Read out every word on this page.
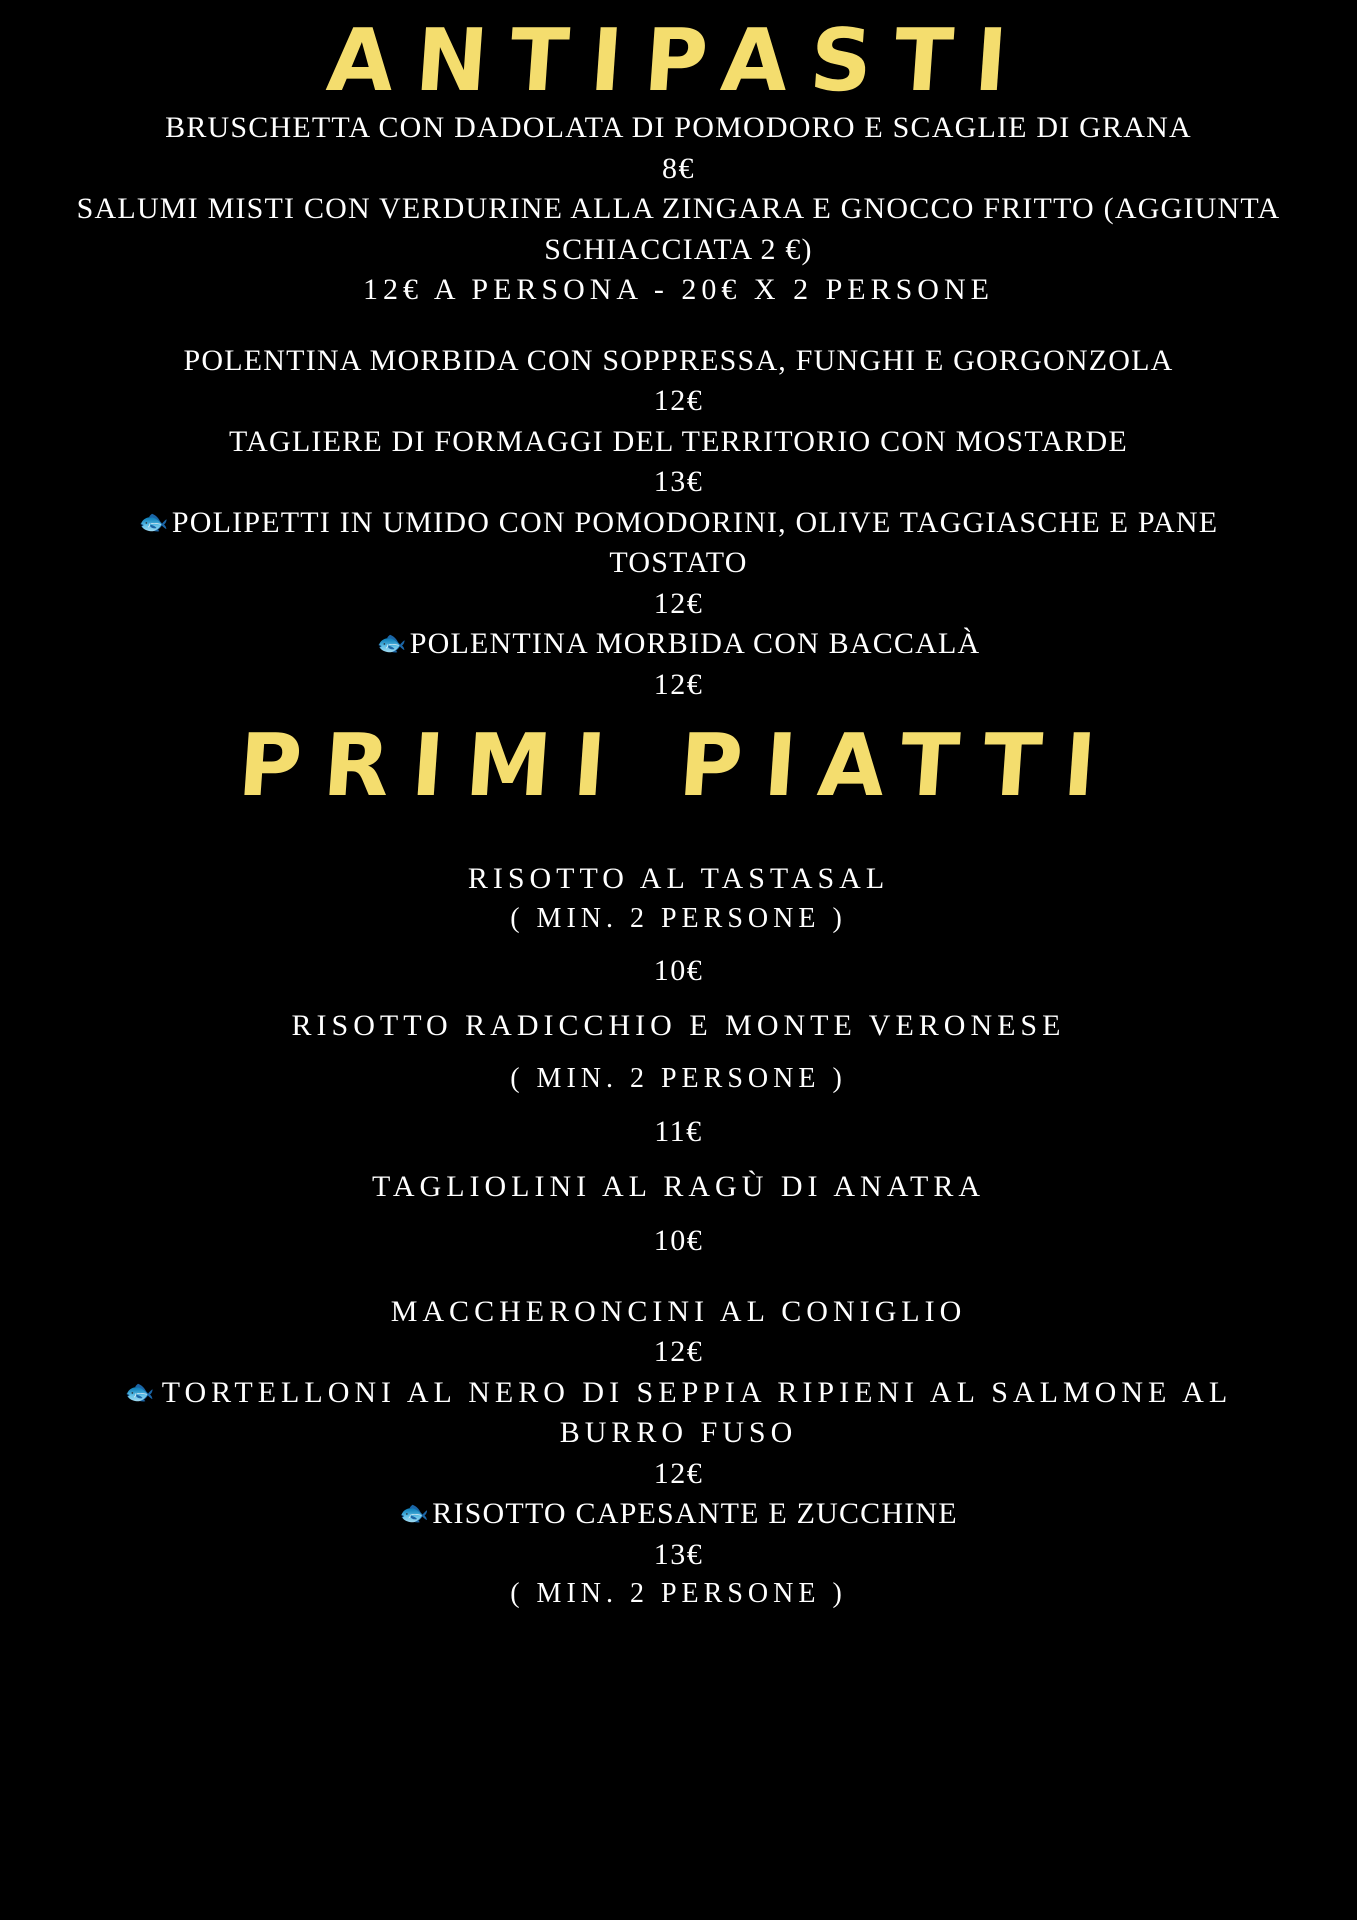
ANTIPASTI

BRUSCHETTA CON DADOLATA DI POMODORO E SCAGLIE DI GRANA

8€

SALUMI MISTI CON VERDURINE ALLA ZINGARA E GNOCCO FRITTO (AGGIUNTA SCHIACCIATA 2 €)

12€ A PERSONA - 20€ X 2 PERSONE

POLENTINA MORBIDA CON SOPPRESSA, FUNGHI E GORGONZOLA

12€

TAGLIERE DI FORMAGGI DEL TERRITORIO CON MOSTARDE

13€

🐟POLIPETTI IN UMIDO CON POMODORINI, OLIVE TAGGIASCHE E PANE TOSTATO

12€

🐟POLENTINA MORBIDA CON BACCALÀ

12€

PRIMI PIATTI

RISOTTO AL TASTASAL

( MIN. 2 PERSONE )

10€

RISOTTO RADICCHIO E MONTE VERONESE

( MIN. 2 PERSONE )

11€

TAGLIOLINI AL RAGÙ DI ANATRA

10€

MACCHERONCINI AL CONIGLIO

12€

🐟TORTELLONI AL NERO DI SEPPIA RIPIENI AL SALMONE AL BURRO FUSO

12€

🐟RISOTTO CAPESANTE E ZUCCHINE

13€

( MIN. 2 PERSONE )
